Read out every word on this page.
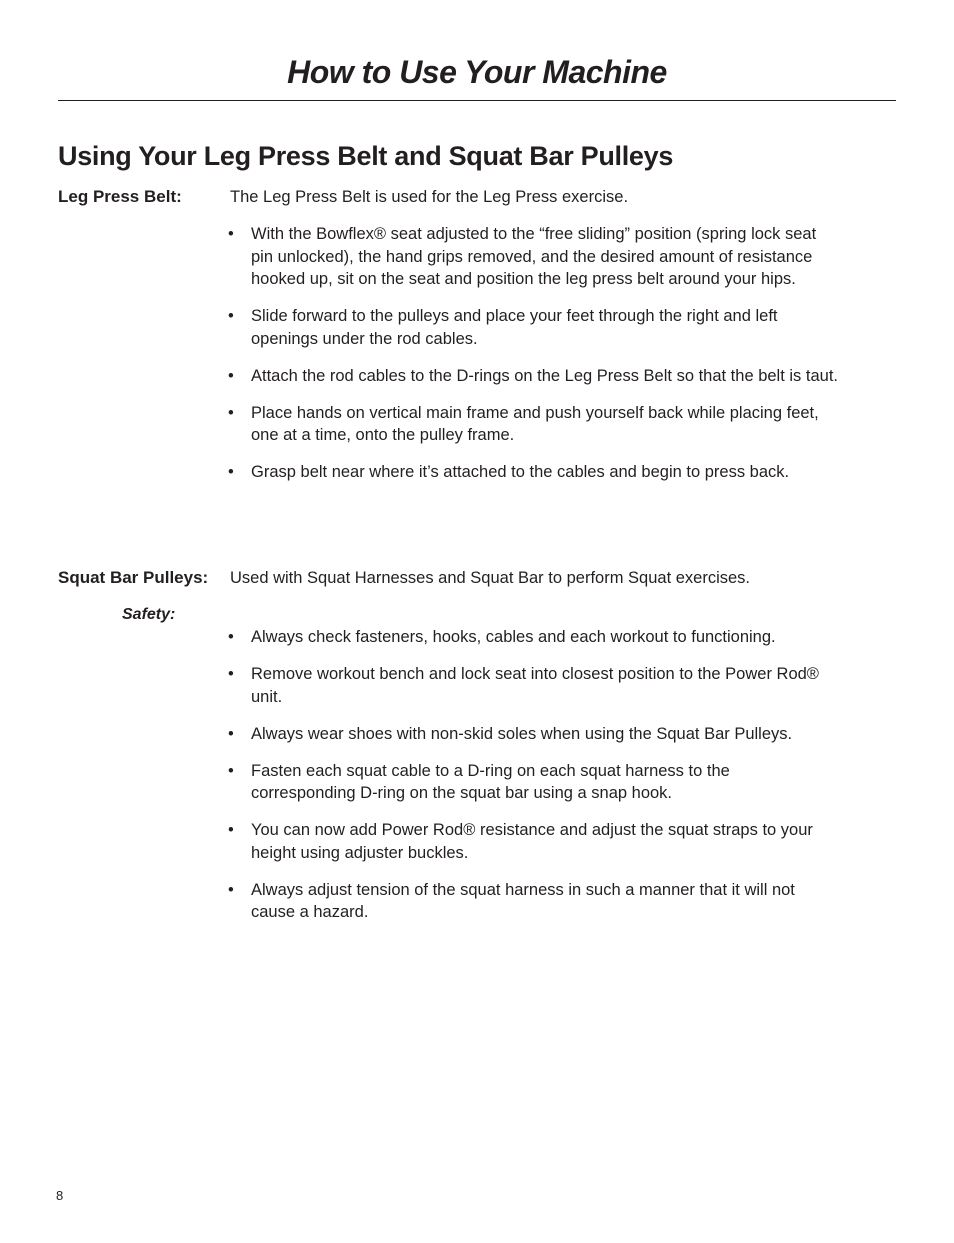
How to Use Your Machine
Using Your Leg Press Belt and Squat Bar Pulleys
Leg Press Belt:	The Leg Press Belt is used for the Leg Press exercise.
• With the Bowflex® seat adjusted to the “free sliding” position (spring lock seat pin unlocked), the hand grips removed, and the desired amount of resistance hooked up, sit on the seat and position the leg press belt around your hips.
• Slide forward to the pulleys and place your feet through the right and left openings under the rod cables.
• Attach the rod cables to the D-rings on the Leg Press Belt so that the belt is taut.
• Place hands on vertical main frame and push yourself back while placing feet, one at a time, onto the pulley frame.
• Grasp belt near where it’s attached to the cables and begin to press back.
Squat Bar Pulleys: Used with Squat Harnesses and Squat Bar to perform Squat exercises.
Safety:
• Always check fasteners, hooks, cables and each workout to functioning.
• Remove workout bench and lock seat into closest position to the Power Rod® unit.
• Always wear shoes with non-skid soles when using the Squat Bar Pulleys.
• Fasten each squat cable to a D-ring on each squat harness to the corresponding D-ring on the squat bar using a snap hook.
• You can now add Power Rod® resistance and adjust the squat straps to your height using adjuster buckles.
• Always adjust tension of the squat harness in such a manner that it will not cause a hazard.
8
